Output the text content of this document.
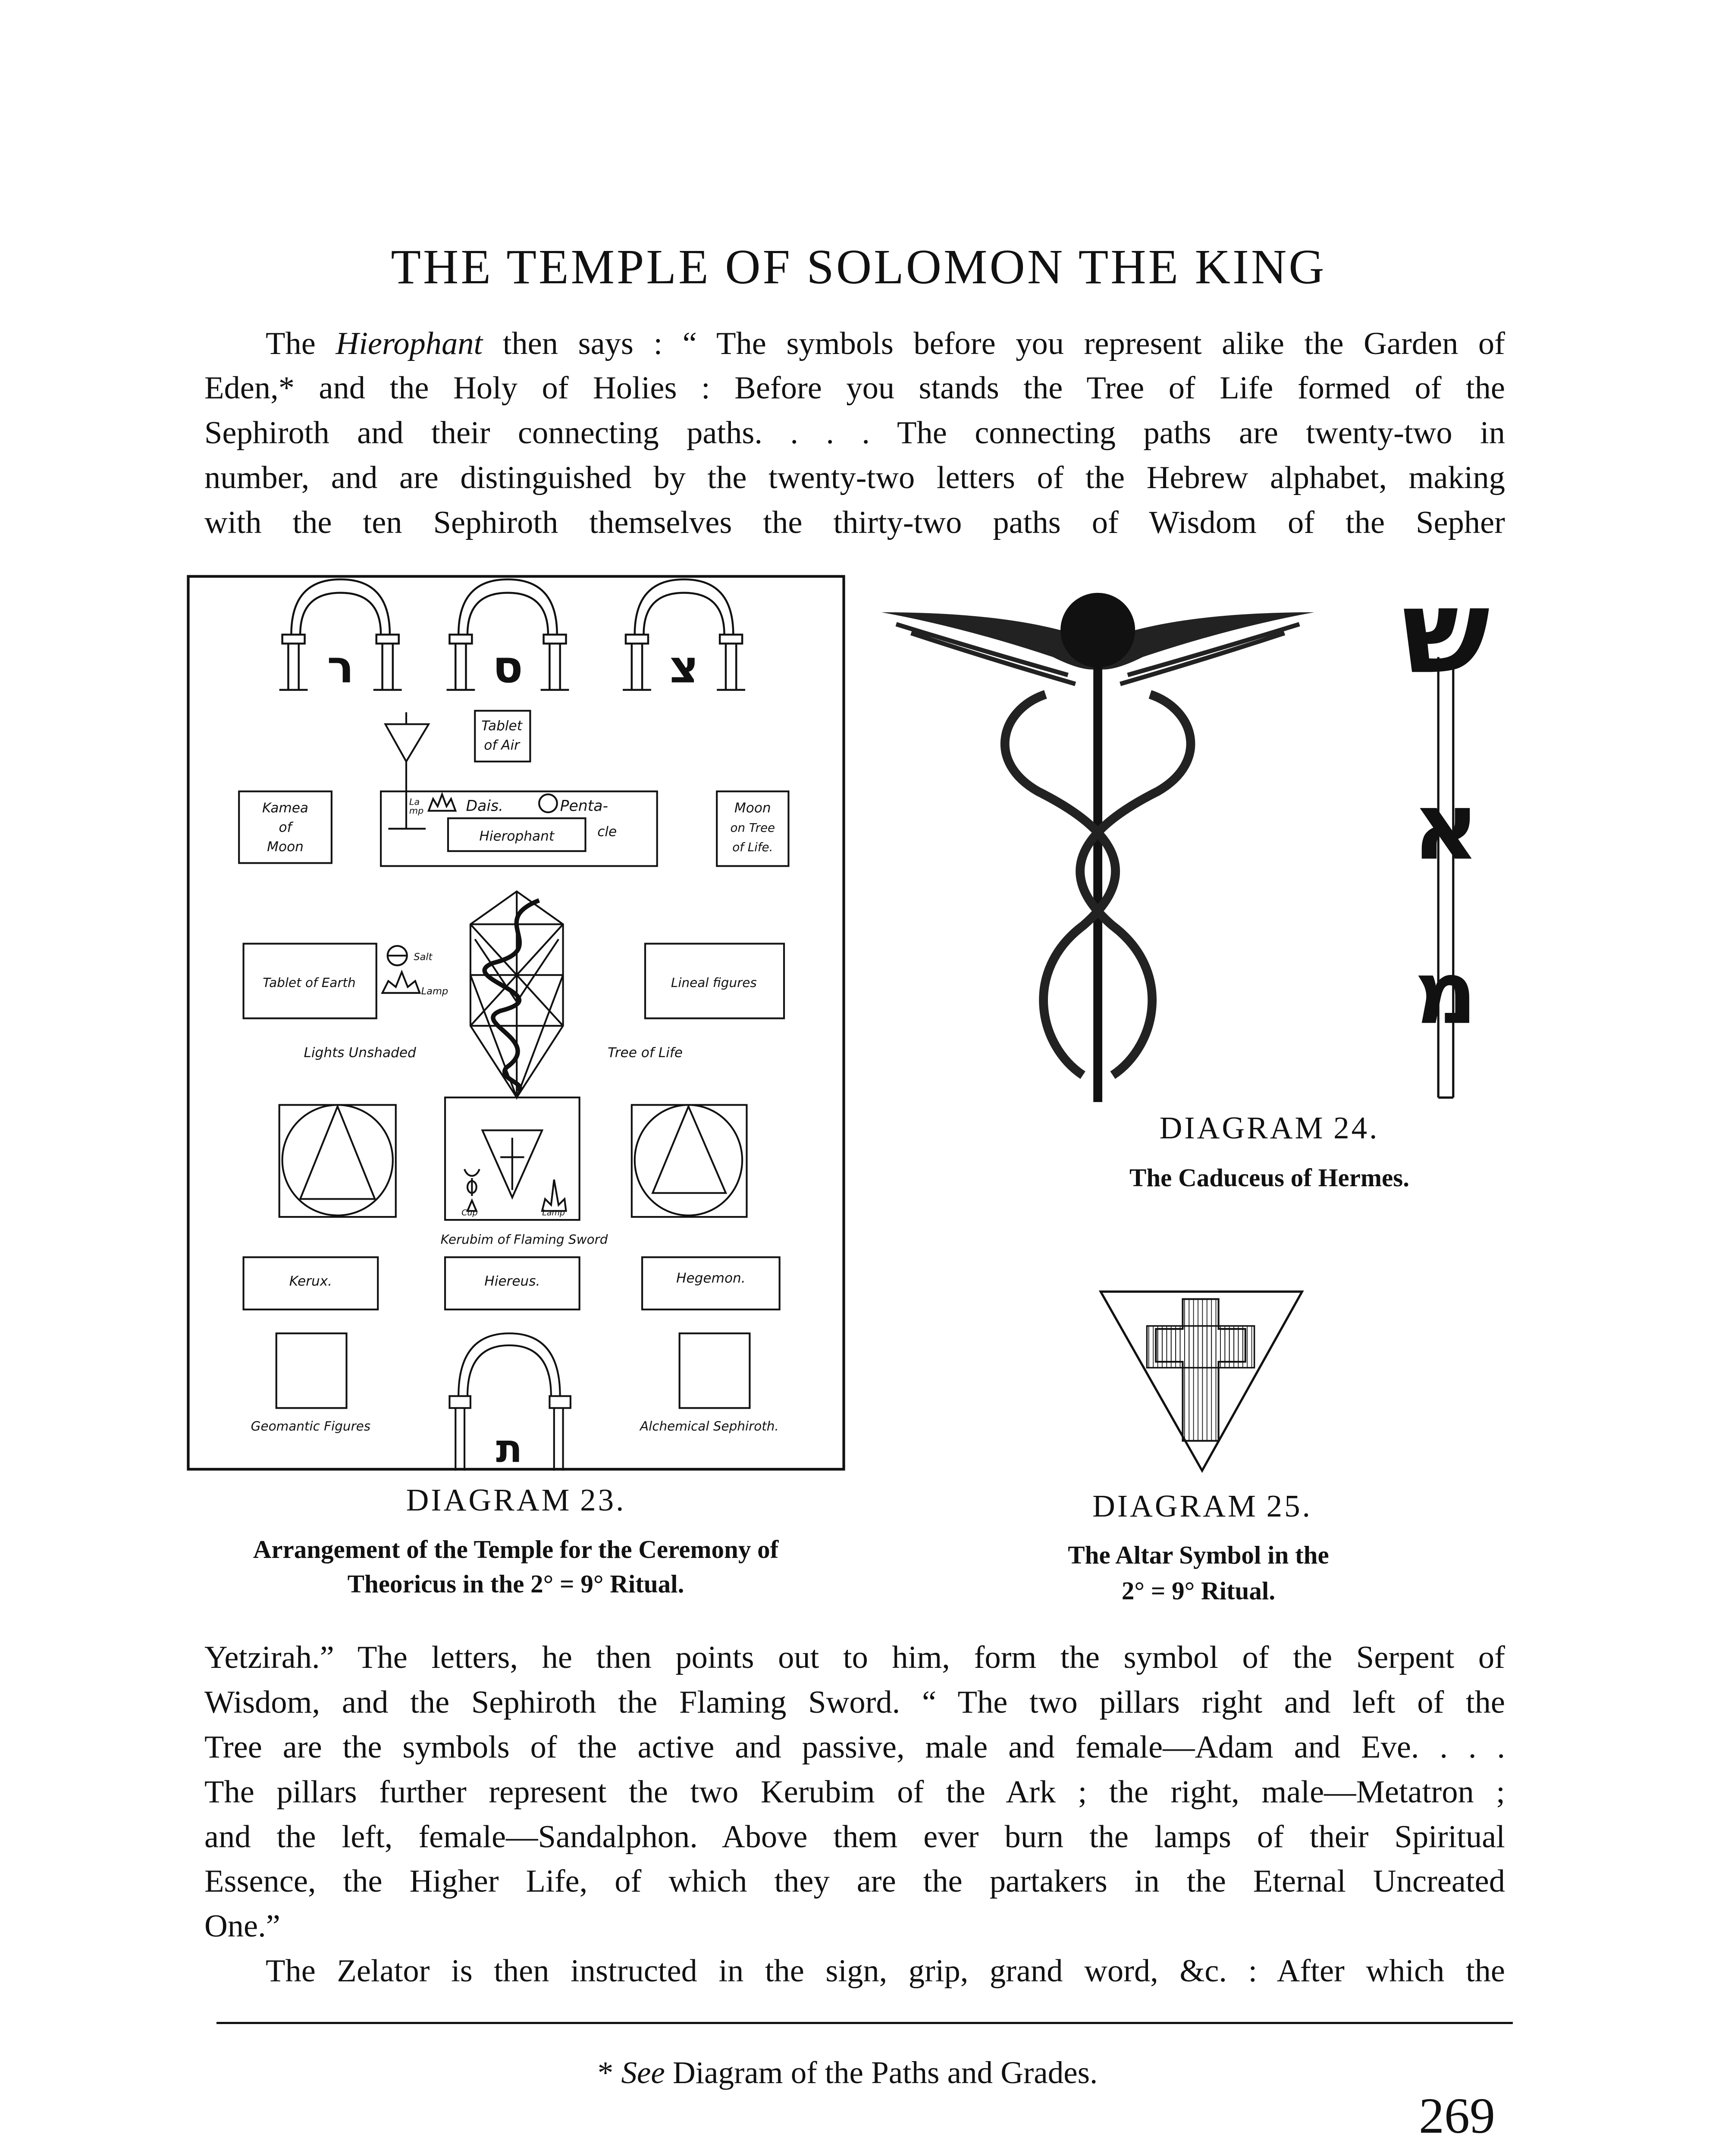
THE TEMPLE OF SOLOMON THE KING
The Hierophant then says : “ The symbols before you represent alike the Garden of
Eden,* and the Holy of Holies : Before you stands the Tree of Life formed of the
Sephiroth and their connecting paths. . . . The connecting paths are twenty-two in
number, and are distinguished by the twenty-two letters of the Hebrew alphabet, making
with the ten Sephiroth themselves the thirty-two paths of Wisdom of the Sepher
ר	ס	צ
ת
Tablet
of Air
Kamea
of
Moon
La
mp	Dais.	Penta-
cle
Hierophant
Moon
on Tree
of Life.
Tablet of Earth
Salt
Lamp
Lineal figures
Lights Unshaded	Tree of Life
Cup	Lamp
Kerubim of Flaming Sword
Kerux.	Hiereus.	Hegemon.
Geomantic Figures	Alchemical Sephiroth.
DIAGRAM 23.
Arrangement of the Temple for the Ceremony of
Theoricus in the 2° = 9° Ritual.
ש
א
מ
DIAGRAM 24.
The Caduceus of Hermes.
DIAGRAM 25.
The Altar Symbol in the
2° = 9° Ritual.
Yetzirah.” The letters, he then points out to him, form the symbol of the Serpent of
Wisdom, and the Sephiroth the Flaming Sword. “ The two pillars right and left of the
Tree are the symbols of the active and passive, male and female—Adam and Eve. . . .
The pillars further represent the two Kerubim of the Ark ; the right, male—Metatron ;
and the left, female—Sandalphon. Above them ever burn the lamps of their Spiritual
Essence, the Higher Life, of which they are the partakers in the Eternal Uncreated
One.”
The Zelator is then instructed in the sign, grip, grand word, &c. : After which the
* See Diagram of the Paths and Grades.
269
